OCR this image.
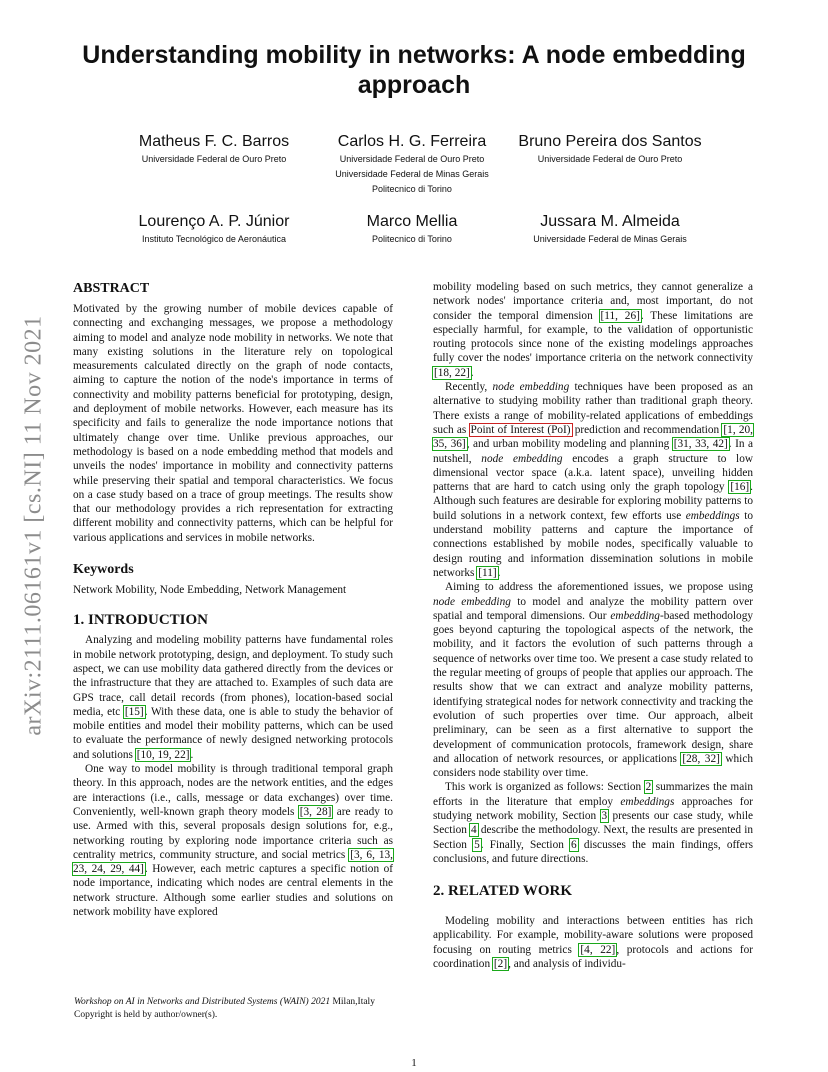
arXiv:2111.06161v1 [cs.NI] 11 Nov 2021
Understanding mobility in networks: A node embedding approach
Matheus F. C. Barros
Universidade Federal de Ouro Preto
Carlos H. G. Ferreira
Universidade Federal de Ouro Preto
Universidade Federal de Minas Gerais
Politecnico di Torino
Bruno Pereira dos Santos
Universidade Federal de Ouro Preto
Lourenço A. P. Júnior
Instituto Tecnológico de Aeronáutica
Marco Mellia
Politecnico di Torino
Jussara M. Almeida
Universidade Federal de Minas Gerais
ABSTRACT

Motivated by the growing number of mobile devices capable of connecting and exchanging messages, we propose a methodology aiming to model and analyze node mobility in networks. We note that many existing solutions in the literature rely on topological measurements calculated directly on the graph of node contacts, aiming to capture the notion of the node's importance in terms of connectivity and mobility patterns beneficial for prototyping, design, and deployment of mobile networks. However, each measure has its specificity and fails to generalize the node importance notions that ultimately change over time. Unlike previous approaches, our methodology is based on a node embedding method that models and unveils the nodes' importance in mobility and connectivity patterns while preserving their spatial and temporal characteristics. We focus on a case study based on a trace of group meetings. The results show that our methodology provides a rich representation for extracting different mobility and connectivity patterns, which can be helpful for various applications and services in mobile networks.

Keywords

Network Mobility, Node Embedding, Network Management

1. INTRODUCTION

Analyzing and modeling mobility patterns have fundamental roles in mobile network prototyping, design, and deployment. To study such aspect, we can use mobility data gathered directly from the devices or the infrastructure that they are attached to. Examples of such data are GPS trace, call detail records (from phones), location-based social media, etc [15]. With these data, one is able to study the behavior of mobile entities and model their mobility patterns, which can be used to evaluate the performance of newly designed networking protocols and solutions [10, 19, 22].

One way to model mobility is through traditional temporal graph theory. In this approach, nodes are the network entities, and the edges are interactions (i.e., calls, message or data exchanges) over time. Conveniently, well-known graph theory models [3, 28] are ready to use. Armed with this, several proposals design solutions for, e.g., networking routing by exploring node importance criteria such as centrality metrics, community structure, and social metrics [3, 6, 13, 23, 24, 29, 44]. However, each metric captures a specific notion of node importance, indicating which nodes are central elements in the network structure. Although some earlier studies and solutions on network mobility have explored

mobility modeling based on such metrics, they cannot generalize a network nodes' importance criteria and, most important, do not consider the temporal dimension [11, 26]. These limitations are especially harmful, for example, to the validation of opportunistic routing protocols since none of the existing modelings approaches fully cover the nodes' importance criteria on the network connectivity [18, 22].

Recently, node embedding techniques have been proposed as an alternative to studying mobility rather than traditional graph theory. There exists a range of mobility-related applications of embeddings such as Point of Interest (PoI) prediction and recommendation [1, 20, 35, 36], and urban mobility modeling and planning [31, 33, 42]. In a nutshell, node embedding encodes a graph structure to low dimensional vector space (a.k.a. latent space), unveiling hidden patterns that are hard to catch using only the graph topology [16]. Although such features are desirable for exploring mobility patterns to build solutions in a network context, few efforts use embeddings to understand mobility patterns and capture the importance of connections established by mobile nodes, specifically valuable to design routing and information dissemination solutions in mobile networks [11].

Aiming to address the aforementioned issues, we propose using node embedding to model and analyze the mobility pattern over spatial and temporal dimensions. Our embedding-based methodology goes beyond capturing the topological aspects of the network, the mobility, and it factors the evolution of such patterns through a sequence of networks over time too. We present a case study related to the regular meeting of groups of people that applies our approach. The results show that we can extract and analyze mobility patterns, identifying strategical nodes for network connectivity and tracking the evolution of such properties over time. Our approach, albeit preliminary, can be seen as a first alternative to support the development of communication protocols, framework design, share and allocation of network resources, or applications [28, 32] which considers node stability over time.

This work is organized as follows: Section 2 summarizes the main efforts in the literature that employ embeddings approaches for studying network mobility, Section 3 presents our case study, while Section 4 describe the methodology. Next, the results are presented in Section 5. Finally, Section 6 discusses the main findings, offers conclusions, and future directions.

2. RELATED WORK

Modeling mobility and interactions between entities has rich applicability. For example, mobility-aware solutions were proposed focusing on routing metrics [4, 22], protocols and actions for coordination [2], and analysis of individu-

Workshop on AI in Networks and Distributed Systems (WAIN) 2021 Milan,Italy
Copyright is held by author/owner(s).
1
